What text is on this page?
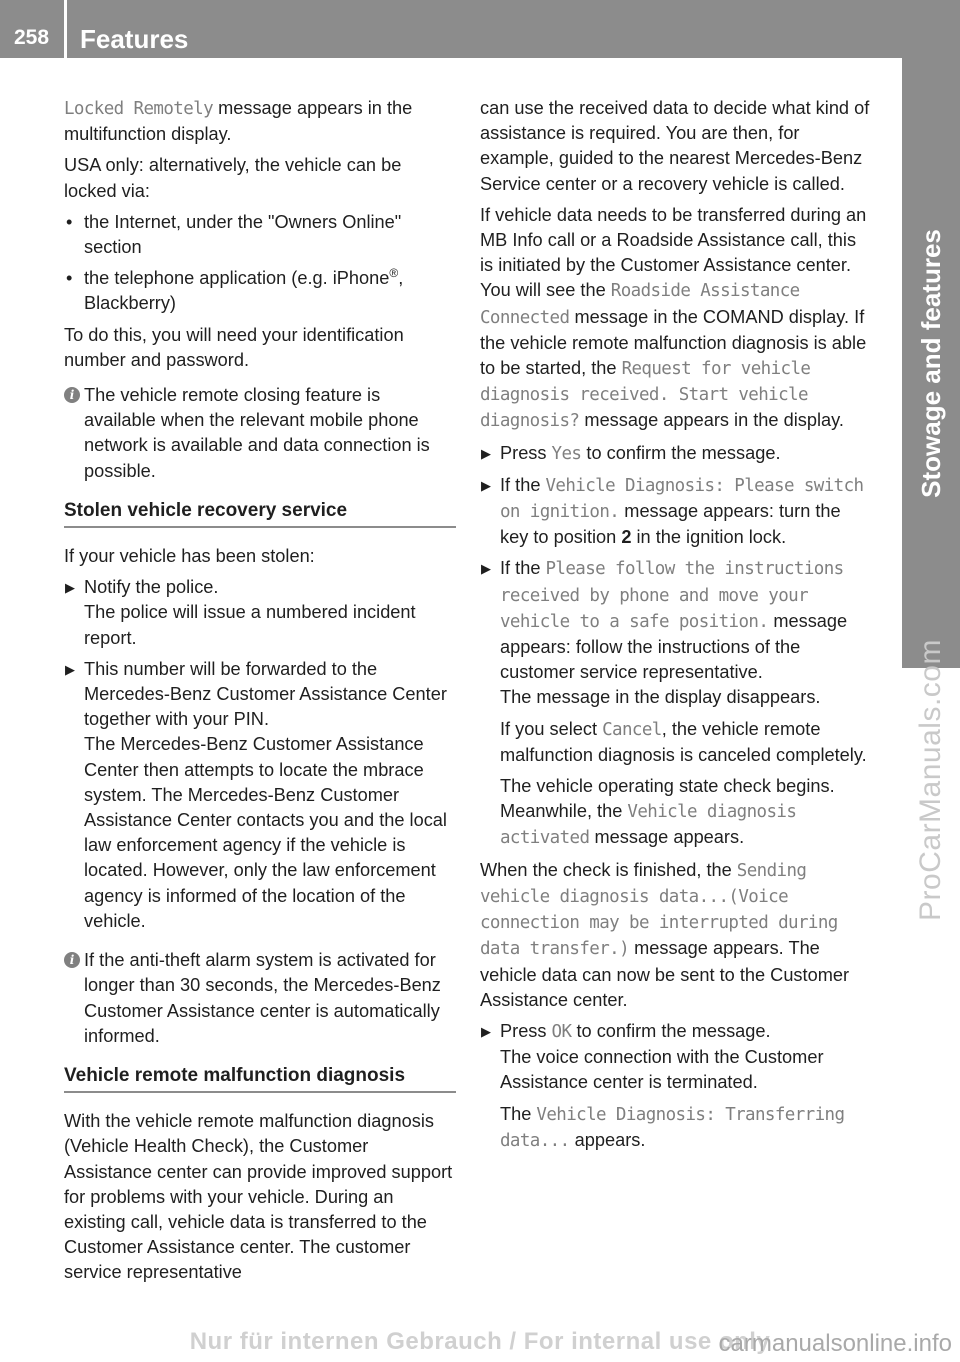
258	Features
Stowage and features
ProCarManuals.com

Locked Remotely message appears in the multifunction display.

USA only: alternatively, the vehicle can be locked via:

• the Internet, under the "Owners Online" section
• the telephone application (e.g. iPhone®, Blackberry)

To do this, you will need your identification number and password.

i The vehicle remote closing feature is available when the relevant mobile phone network is available and data connection is possible.
Stolen vehicle recovery service

If your vehicle has been stolen:

▶ Notify the police.
The police will issue a numbered incident report.
▶ This number will be forwarded to the Mercedes-Benz Customer Assistance Center together with your PIN.
The Mercedes-Benz Customer Assistance Center then attempts to locate the mbrace system. The Mercedes-Benz Customer Assistance Center contacts you and the local law enforcement agency if the vehicle is located. However, only the law enforcement agency is informed of the location of the vehicle.
i If the anti-theft alarm system is activated for longer than 30 seconds, the Mercedes-Benz Customer Assistance center is automatically informed.
Vehicle remote malfunction diagnosis

With the vehicle remote malfunction diagnosis (Vehicle Health Check), the Customer Assistance center can provide improved support for problems with your vehicle. During an existing call, vehicle data is transferred to the Customer Assistance center. The customer service representative

can use the received data to decide what kind of assistance is required. You are then, for example, guided to the nearest Mercedes-Benz Service center or a recovery vehicle is called.

If vehicle data needs to be transferred during an MB Info call or a Roadside Assistance call, this is initiated by the Customer Assistance center. You will see the Roadside Assistance Connected message in the COMAND display. If the vehicle remote malfunction diagnosis is able to be started, the Request for vehicle diagnosis received. Start vehicle diagnosis? message appears in the display.

▶ Press Yes to confirm the message.
▶ If the Vehicle Diagnosis: Please switch on ignition. message appears: turn the key to position 2 in the ignition lock.
▶ If the Please follow the instructions received by phone and move your vehicle to a safe position. message appears: follow the instructions of the customer service representative.
The message in the display disappears.

If you select Cancel, the vehicle remote malfunction diagnosis is canceled completely.

The vehicle operating state check begins. Meanwhile, the Vehicle diagnosis activated message appears.

When the check is finished, the Sending vehicle diagnosis data...(Voice connection may be interrupted during data transfer.) message appears. The vehicle data can now be sent to the Customer Assistance center.

▶ Press OK to confirm the message.
The voice connection with the Customer Assistance center is terminated.

The Vehicle Diagnosis: Transferring data... appears.

Nur für internen Gebrauch / For internal use only
carmanualsonline.info
